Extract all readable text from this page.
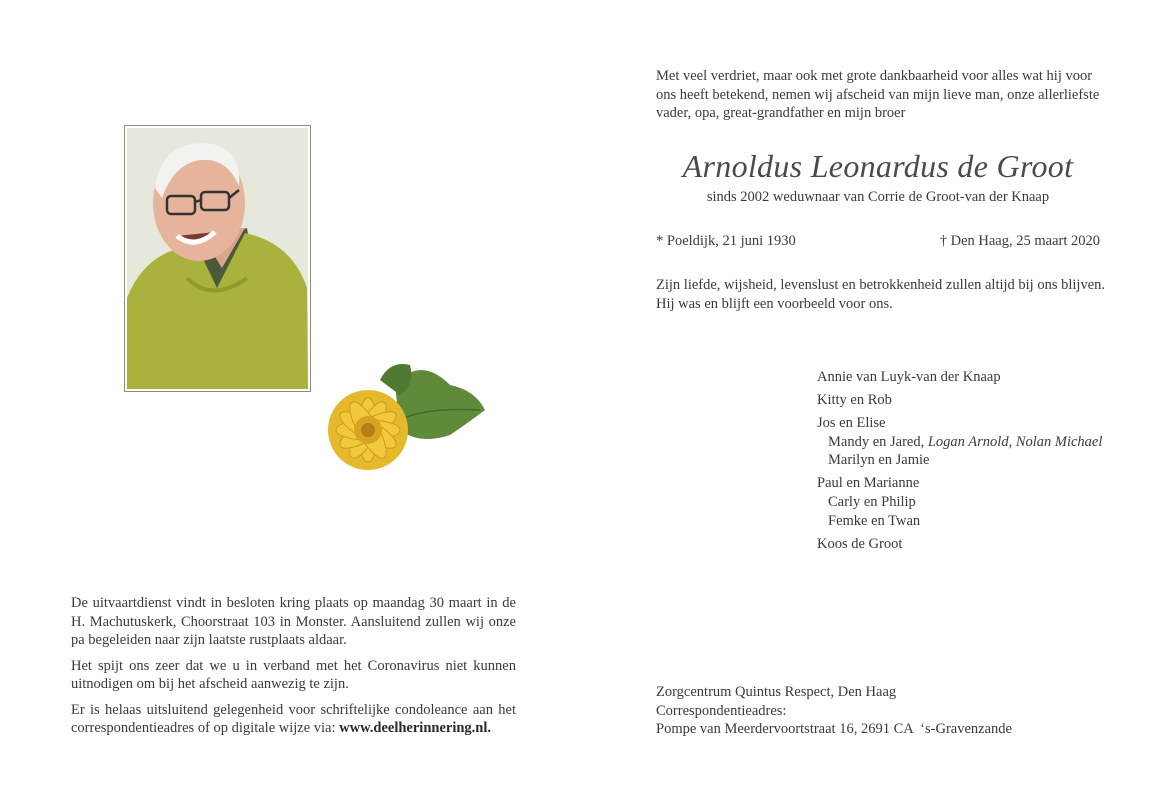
De uitvaartdienst vindt in besloten kring plaats op maandag 30 maart in de H. Machutuskerk, Choorstraat 103 in Monster. Aansluitend zullen wij onze pa begeleiden naar zijn laatste rustplaats aldaar.

Het spijt ons zeer dat we u in verband met het Coronavirus niet kunnen uitnodigen om bij het afscheid aanwezig te zijn.

Er is helaas uitsluitend gelegenheid voor schriftelijke condoleance aan het correspondentieadres of op digitale wijze via: www.deelherinnering.nl.

Met veel verdriet, maar ook met grote dankbaarheid voor alles wat hij voor ons heeft betekend, nemen wij afscheid van mijn lieve man, onze allerliefste vader, opa, great-grandfather en mijn broer

Arnoldus Leonardus de Groot
sinds 2002 weduwnaar van Corrie de Groot-van der Knaap
* Poeldijk, 21 juni 1930	† Den Haag, 25 maart 2020
Zijn liefde, wijsheid, levenslust en betrokkenheid zullen altijd bij ons blijven.
Hij was en blijft een voorbeeld voor ons.
Annie van Luyk-van der Knaap
Kitty en Rob
Jos en Elise
Mandy en Jared, Logan Arnold, Nolan Michael
Marilyn en Jamie
Paul en Marianne
Carly en Philip
Femke en Twan
Koos de Groot
Zorgcentrum Quintus Respect, Den Haag
Correspondentieadres:
Pompe van Meerdervoortstraat 16, 2691 CA  ‘s-Gravenzande
